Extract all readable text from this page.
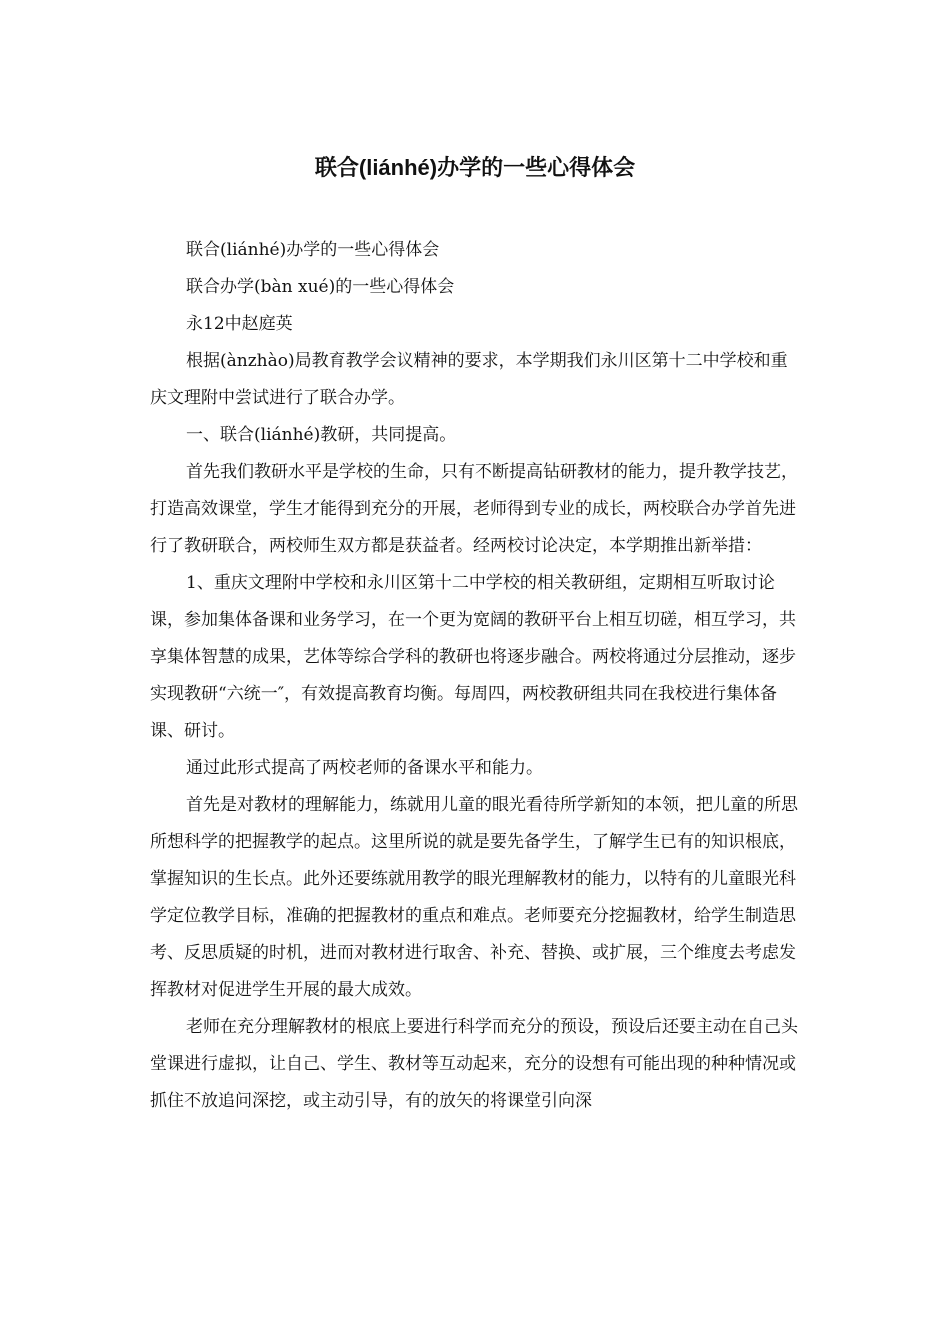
联合(liánhé)办学的一些心得体会

联合(liánhé)办学的一些心得体会

联合办学(bàn xué)的一些心得体会

永12中赵庭英

根据(ànzhào)局教育教学会议精神的要求，本学期我们永川区第十二中学校和重庆文理附中尝试进行了联合办学。

一、联合(liánhé)教研，共同提高。

首先我们教研水平是学校的生命，只有不断提高钻研教材的能力，提升教学技艺，打造高效课堂，学生才能得到充分的开展，老师得到专业的成长，两校联合办学首先进行了教研联合，两校师生双方都是获益者。经两校讨论决定，本学期推出新举措：

1、重庆文理附中学校和永川区第十二中学校的相关教研组，定期相互听取讨论课，参加集体备课和业务学习，在一个更为宽阔的教研平台上相互切磋，相互学习，共享集体智慧的成果，艺体等综合学科的教研也将逐步融合。两校将通过分层推动，逐步实现教研“六统一″，有效提高教育均衡。每周四，两校教研组共同在我校进行集体备课、研讨。

通过此形式提高了两校老师的备课水平和能力。

首先是对教材的理解能力，练就用儿童的眼光看待所学新知的本领，把儿童的所思所想科学的把握教学的起点。这里所说的就是要先备学生，了解学生已有的知识根底，掌握知识的生长点。此外还要练就用教学的眼光理解教材的能力，以特有的儿童眼光科学定位教学目标，准确的把握教材的重点和难点。老师要充分挖掘教材，给学生制造思考、反思质疑的时机，进而对教材进行取舍、补充、替换、或扩展，三个维度去考虑发挥教材对促进学生开展的最大成效。

老师在充分理解教材的根底上要进行科学而充分的预设，预设后还要主动在自己头堂课进行虚拟，让自己、学生、教材等互动起来，充分的设想有可能出现的种种情况或抓住不放追问深挖，或主动引导，有的放矢的将课堂引向深
